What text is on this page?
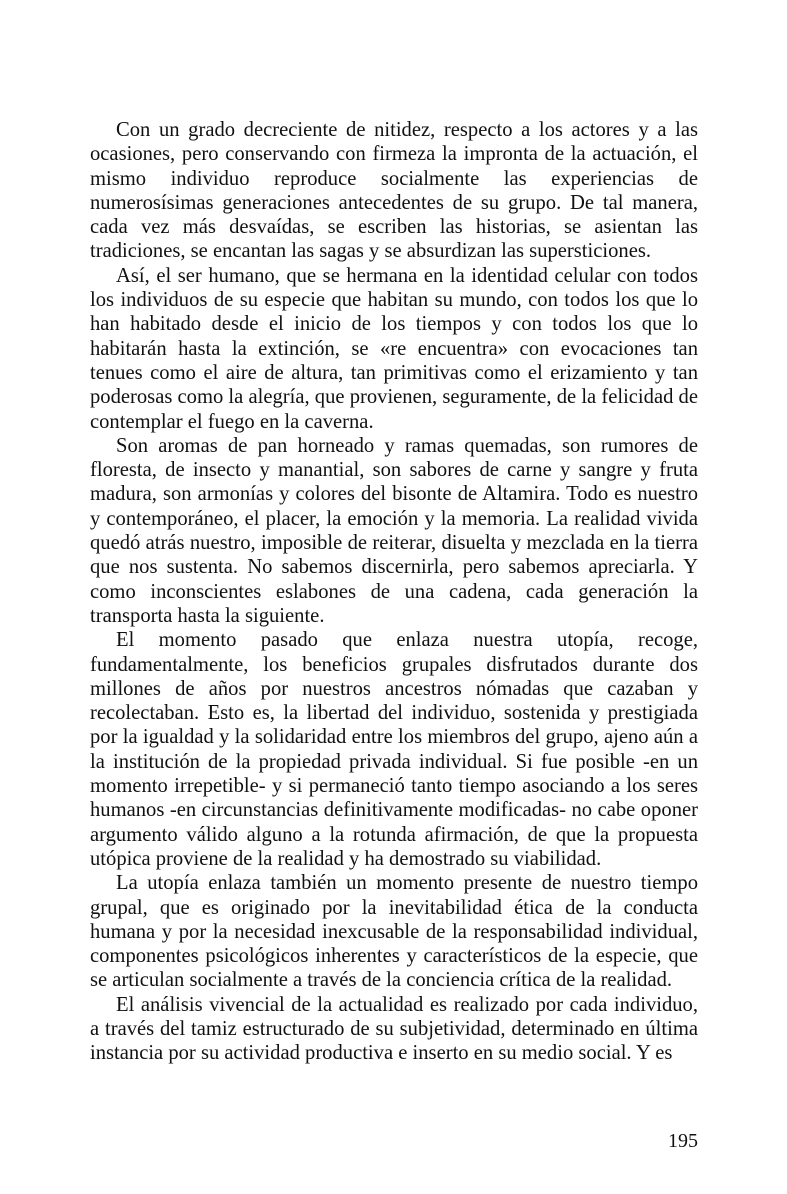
Con un grado decreciente de nitidez, respecto a los actores y a las ocasiones, pero conservando con firmeza la impronta de la actuación, el mismo individuo reproduce socialmente las experiencias de numerosísimas generaciones antecedentes de su grupo. De tal manera, cada vez más desvaídas, se escriben las historias, se asientan las tradiciones, se encantan las sagas y se absurdizan las supersticiones.

Así, el ser humano, que se hermana en la identidad celular con todos los individuos de su especie que habitan su mundo, con todos los que lo han habitado desde el inicio de los tiempos y con todos los que lo habitarán hasta la extinción, se «re encuentra» con evocaciones tan tenues como el aire de altura, tan primitivas como el erizamiento y tan poderosas como la alegría, que provienen, seguramente, de la felicidad de contemplar el fuego en la caverna.

Son aromas de pan horneado y ramas quemadas, son rumores de floresta, de insecto y manantial, son sabores de carne y sangre y fruta madura, son armonías y colores del bisonte de Altamira. Todo es nuestro y contemporáneo, el placer, la emoción y la memoria. La realidad vivida quedó atrás nuestro, imposible de reiterar, disuelta y mezclada en la tierra que nos sustenta. No sabemos discernirla, pero sabemos apreciarla. Y como inconscientes eslabones de una cadena, cada generación la transporta hasta la siguiente.

El momento pasado que enlaza nuestra utopía, recoge, fundamentalmente, los beneficios grupales disfrutados durante dos millones de años por nuestros ancestros nómadas que cazaban y recolectaban. Esto es, la libertad del individuo, sostenida y prestigiada por la igualdad y la solidaridad entre los miembros del grupo, ajeno aún a la institución de la propiedad privada individual. Si fue posible -en un momento irrepetible- y si permaneció tanto tiempo asociando a los seres humanos -en circunstancias definitivamente modificadas- no cabe oponer argumento válido alguno a la rotunda afirmación, de que la propuesta utópica proviene de la realidad y ha demostrado su viabilidad.

La utopía enlaza también un momento presente de nuestro tiempo grupal, que es originado por la inevitabilidad ética de la conducta humana y por la necesidad inexcusable de la responsabilidad individual, componentes psicológicos inherentes y característicos de la especie, que se articulan socialmente a través de la conciencia crítica de la realidad.

El análisis vivencial de la actualidad es realizado por cada individuo, a través del tamiz estructurado de su subjetividad, determinado en última instancia por su actividad productiva e inserto en su medio social. Y es

195
